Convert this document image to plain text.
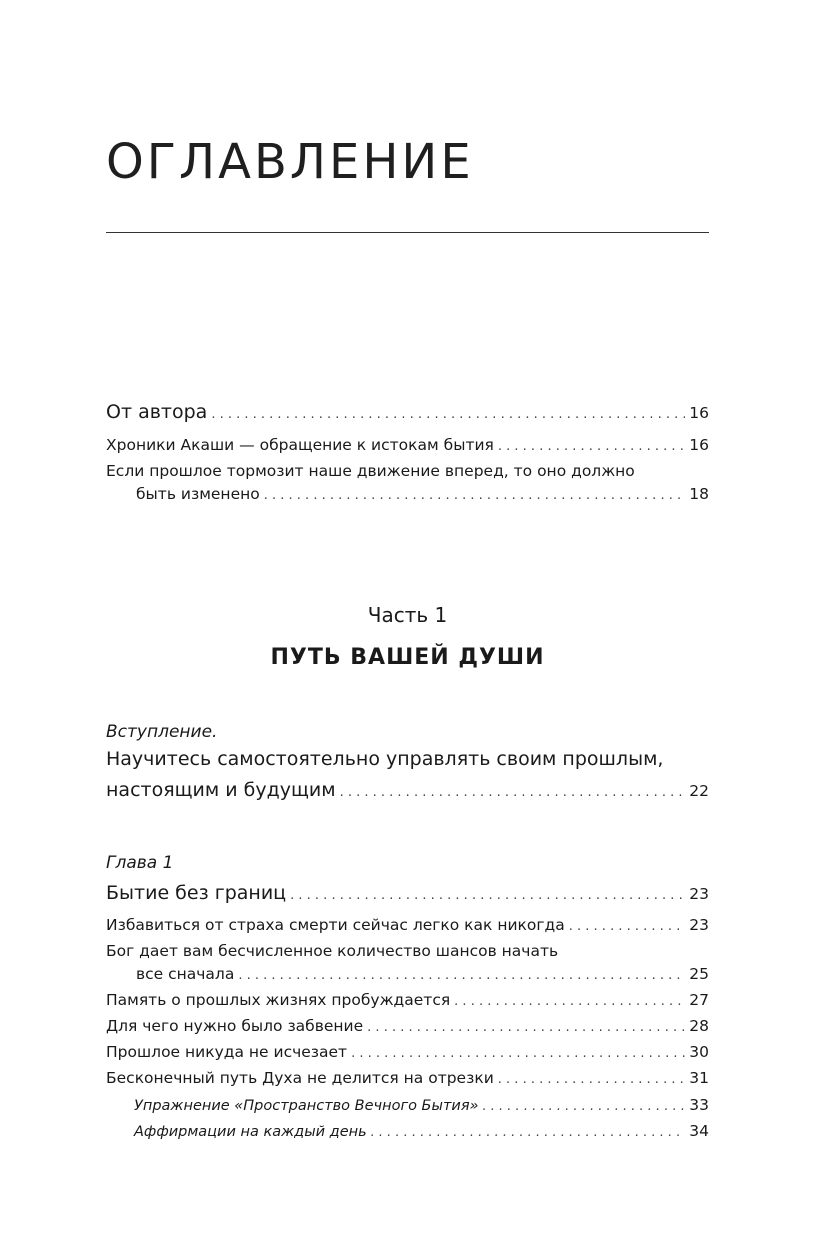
ОГЛАВЛЕНИЕ
От автора . . .	16
Хроники Акаши — обращение к истокам бытия . . .	16
Если прошлое тормозит наше движение вперед, то оно должно
быть изменено . . .	18
Часть 1
ПУТЬ ВАШЕЙ ДУШИ
Вступление.
Научитесь самостоятельно управлять своим прошлым,
настоящим и будущим . . .	22
Глава 1
Бытие без границ . . .	23
Избавиться от страха смерти сейчас легко как никогда . . .	23
Бог дает вам бесчисленное количество шансов начать
все сначала . . .	25
Память о прошлых жизнях пробуждается . . .	27
Для чего нужно было забвение . . .	28
Прошлое никуда не исчезает . . .	30
Бесконечный путь Духа не делится на отрезки . . .	31
Упражнение «Пространство Вечного Бытия» . . .	33
Аффирмации на каждый день . . .	34
